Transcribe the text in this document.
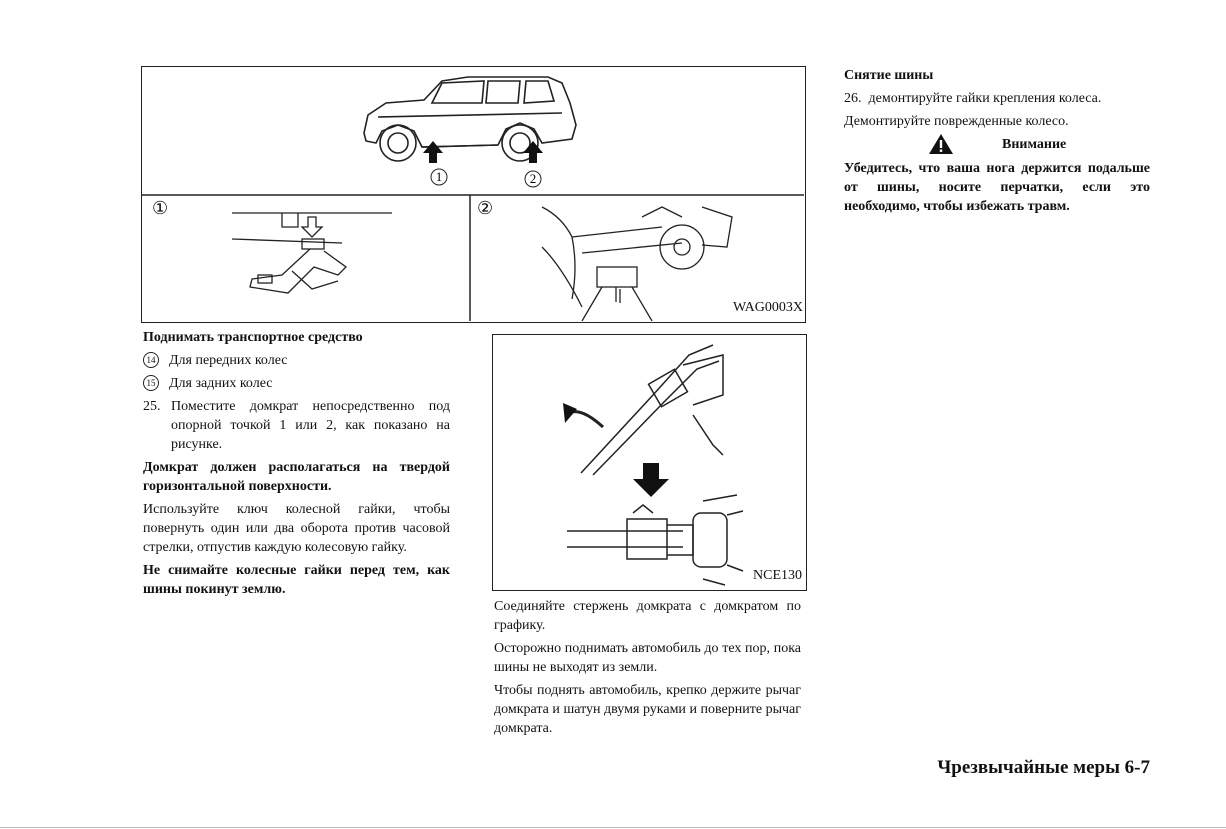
1	2
①	②
WAG0003X

Поднимать транспортное средство

14 Для передних колес

15 Для задних колес

25. Поместите домкрат непосредственно под опорной точкой 1 или 2, как показано на рисунке.

Домкрат должен располагаться на твердой горизонтальной поверхности.

Используйте ключ колесной гайки, чтобы повернуть один или два оборота против часовой стрелки, отпустив каждую колесовую гайку.

Не снимайте колесные гайки перед тем, как шины покинут землю.

NCE130

Соединяйте стержень домкрата с домкратом по графику.

Осторожно поднимать автомобиль до тех пор, пока шины не выходят из земли.

Чтобы поднять автомобиль, крепко держите рычаг домкрата и шатун двумя руками и поверните рычаг домкрата.

Снятие шины

26.  демонтируйте гайки крепления колеса.

Демонтируйте поврежденные колесо.

Внимание

Убедитесь, что ваша нога держится подальше от шины, носите перчатки, если это необходимо, чтобы избежать травм.

Чрезвычайные меры 6-7
